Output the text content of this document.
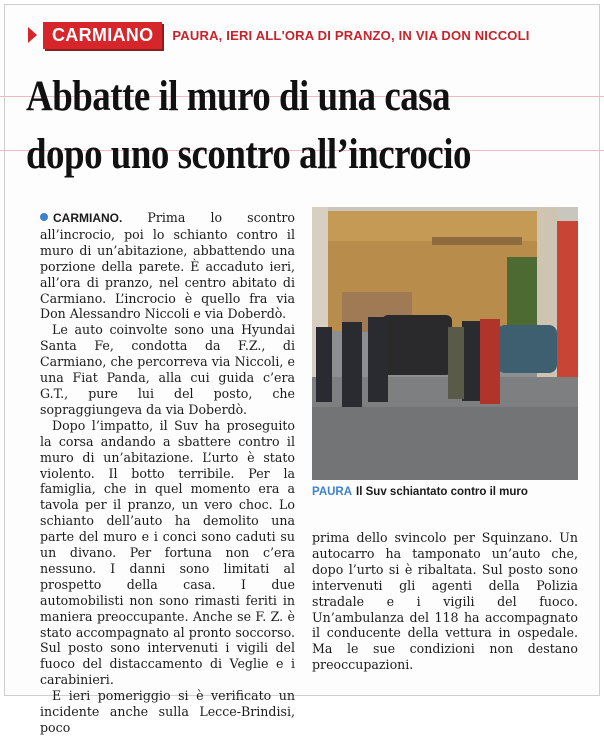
CARMIANO	PAURA, IERI ALL'ORA DI PRANZO, IN VIA DON NICCOLI
Abbatte il muro di una casa
dopo uno scontro all’incrocio

CARMIANO. Prima lo scontro all’incrocio, poi lo schianto contro il muro di un’abitazione, abbattendo una porzione della parete. È accaduto ieri, all’ora di pranzo, nel centro abitato di Carmiano. L’incrocio è quello fra via Don Alessandro Niccoli e via Doberdò.

Le auto coinvolte sono una Hyundai Santa Fe, condotta da F.Z., di Carmiano, che percorreva via Niccoli, e una Fiat Panda, alla cui guida c’era G.T., pure lui del posto, che sopraggiungeva da via Doberdò.

Dopo l’impatto, il Suv ha proseguito la corsa andando a sbattere contro il muro di un’abitazione. L’urto è stato violento. Il botto terribile. Per la famiglia, che in quel momento era a tavola per il pranzo, un vero choc. Lo schianto dell’auto ha demolito una parte del muro e i conci sono caduti su un divano. Per fortuna non c’era nessuno. I danni sono limitati al prospetto della casa. I due automobilisti non sono rimasti feriti in maniera preoccupante. Anche se F. Z. è stato accompagnato al pronto soccorso. Sul posto sono intervenuti i vigili del fuoco del distaccamento di Veglie e i carabinieri.

E ieri pomeriggio si è verificato un incidente anche sulla Lecce-Brindisi, poco

PAURA Il Suv schiantato contro il muro

prima dello svincolo per Squinzano. Un autocarro ha tamponato un’auto che, dopo l’urto si è ribaltata. Sul posto sono intervenuti gli agenti della Polizia stradale e i vigili del fuoco. Un’ambulanza del 118 ha accompagnato il conducente della vettura in ospedale. Ma le sue condizioni non destano preoccupazioni.
